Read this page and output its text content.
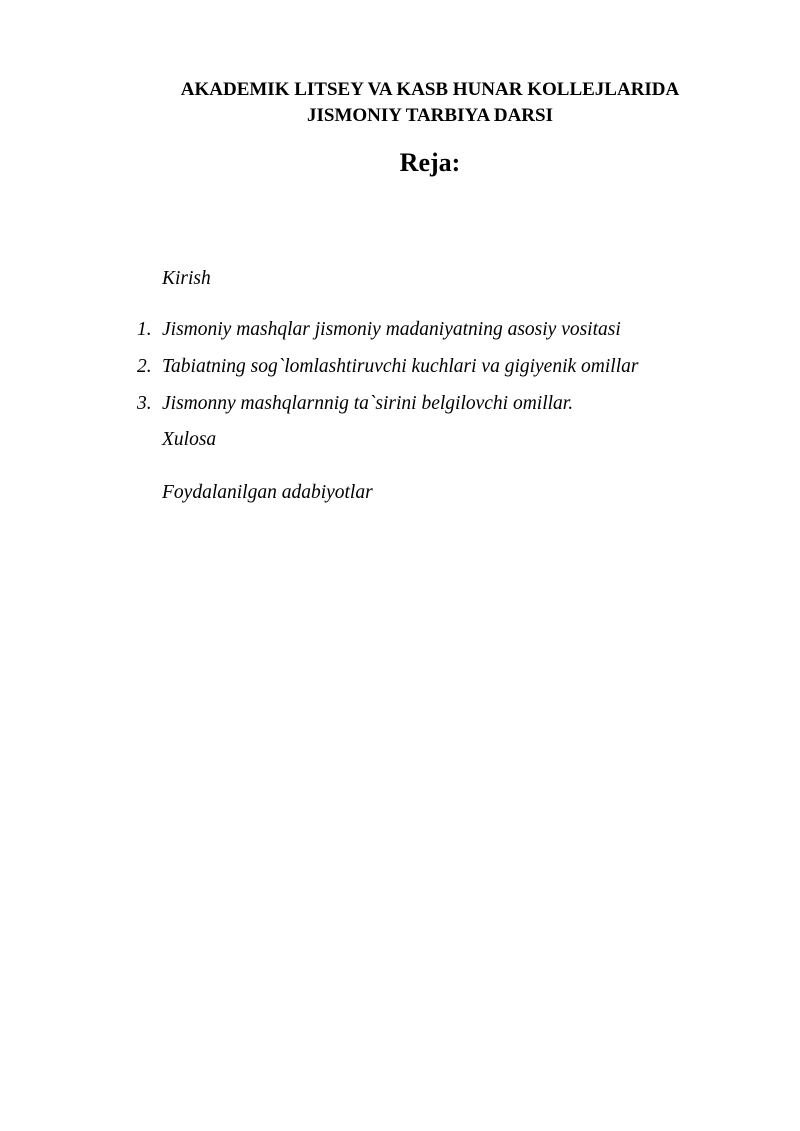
AKADEMIK LITSEY VA KASB HUNAR KOLLEJLARIDA

JISMONIY TARBIYA DARSI

Reja:

Kirish

1. Jismoniy mashqlar jismoniy madaniyatning asosiy vositasi
2. Tabiatning sog`lomlashtiruvchi kuchlari va gigiyenik omillar
3. Jismonny mashqlarnnig ta`sirini belgilovchi omillar.

Xulosa

Foydalanilgan adabiyotlar
